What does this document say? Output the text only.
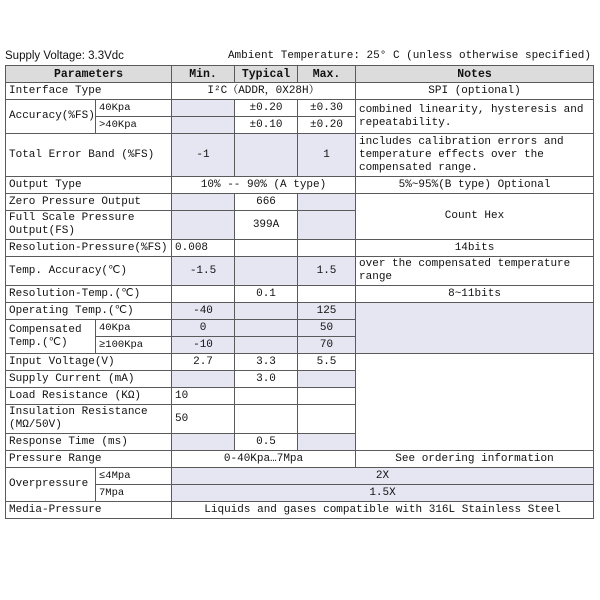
Supply Voltage: 3.3Vdc	Ambient Temperature: 25° C (unless otherwise specified)
Parameters		Min.	Typical	Max.	Notes
Interface Type		I²C（ADDR，0X28H）			SPI (optional)
Accuracy(%FS)	40Kpa		±0.20	±0.30	combined linearity, hysteresis and repeatability.
	>40Kpa		±0.10	±0.20	
Total Error Band (%FS)		-1		1	includes calibration errors and temperature effects over the compensated range.
Output Type		10% -- 90% (A type)			5%~95%(B type) Optional
Zero Pressure Output			666		Count Hex
Full Scale Pressure Output(FS)			399A		
Resolution-Pressure(%FS)		0.008			14bits
Temp. Accuracy(℃)		-1.5		1.5	over the compensated temperature range
Resolution-Temp.(℃)			0.1		8~11bits
Operating Temp.(℃)		-40		125	
Compensated Temp.(℃)	40Kpa	0		50	
	≥100Kpa	-10		70	
Input Voltage(V)		2.7	3.3	5.5	
Supply Current (mA)			3.0		
Load Resistance (KΩ)		10			
Insulation Resistance (MΩ/50V)		50			
Response Time (ms)			0.5		
Pressure Range		0-40Kpa…7Mpa			See ordering information
Overpressure	≤4Mpa	2X			
	7Mpa	1.5X			
Media-Pressure		Liquids and gases compatible with 316L Stainless Steel			
